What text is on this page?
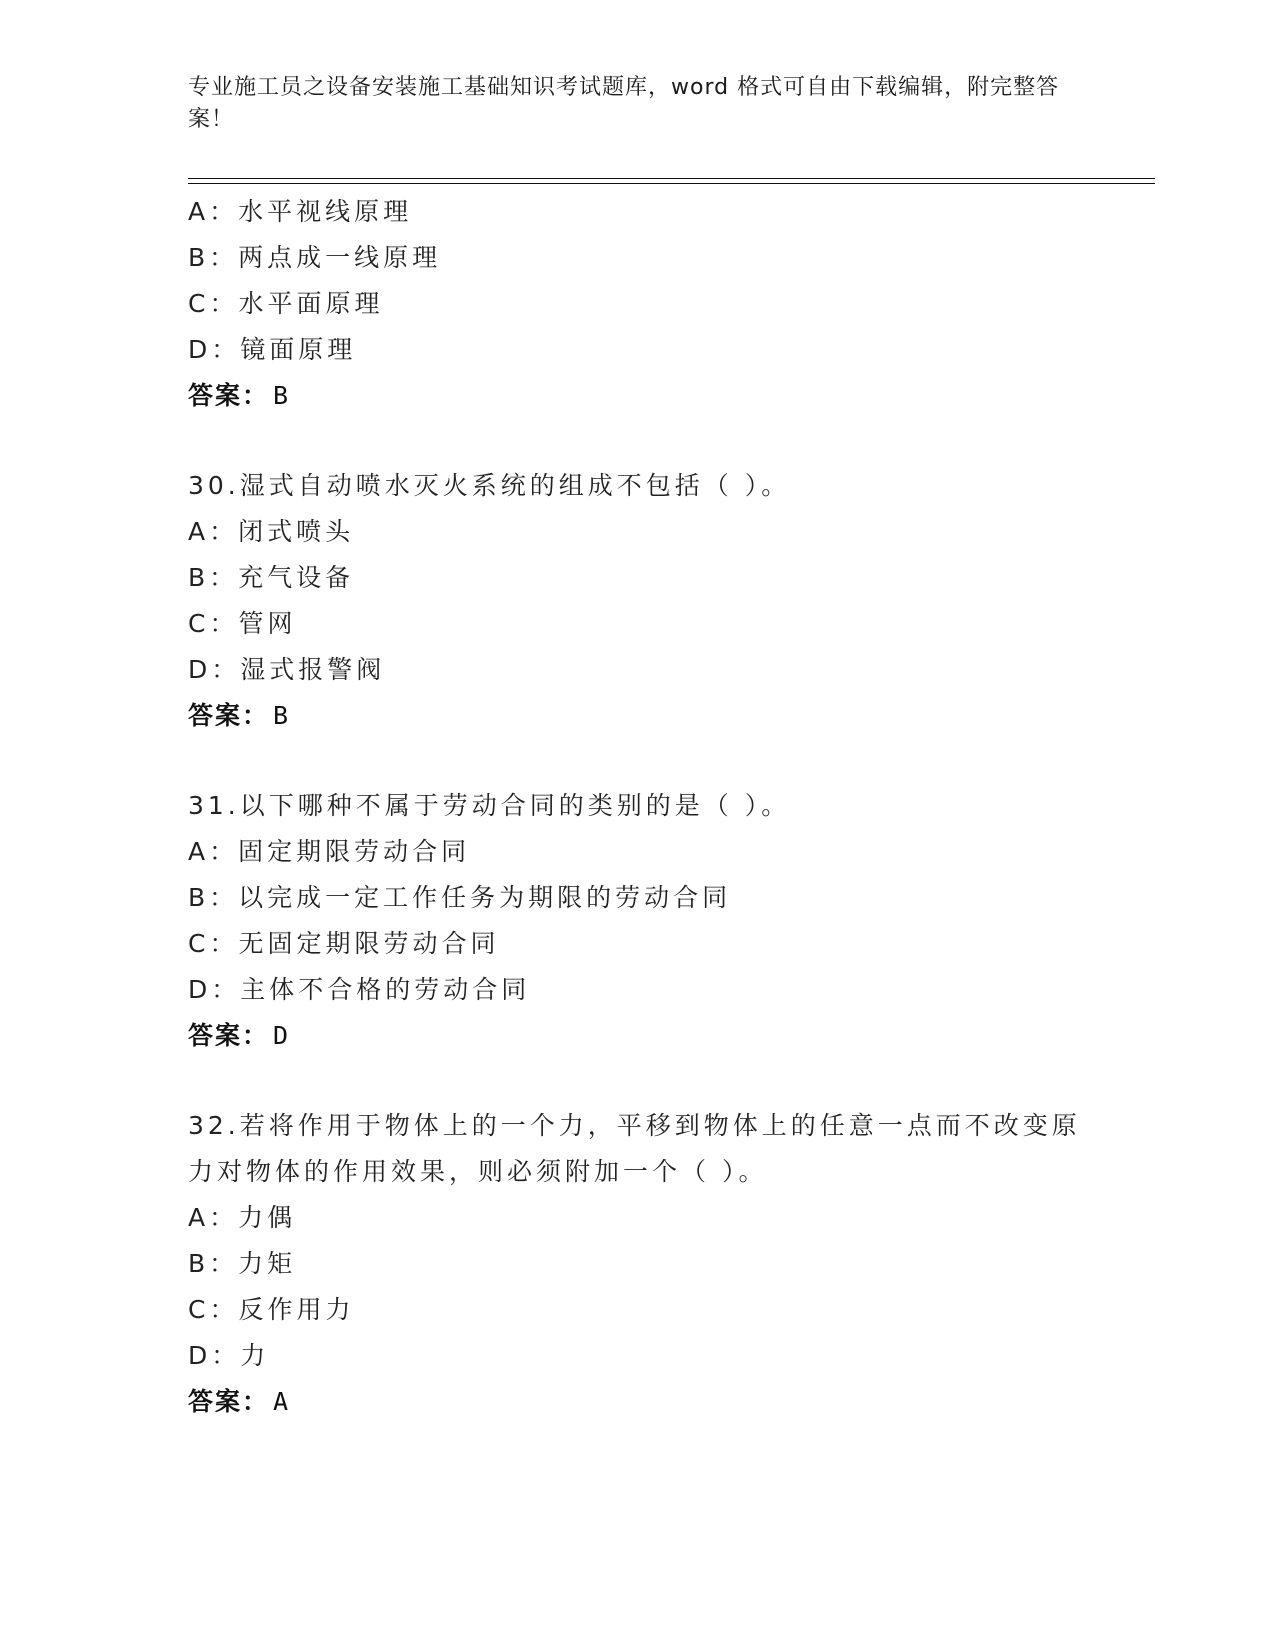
专业施工员之设备安装施工基础知识考试题库，word 格式可自由下载编辑，附完整答案！
A：水平视线原理
B：两点成一线原理
C：水平面原理
D：镜面原理
答案： B
30.湿式自动喷水灭火系统的组成不包括（ ）。
A：闭式喷头
B：充气设备
C：管网
D：湿式报警阀
答案： B
31.以下哪种不属于劳动合同的类别的是（ ）。
A：固定期限劳动合同
B：以完成一定工作任务为期限的劳动合同
C：无固定期限劳动合同
D：主体不合格的劳动合同
答案： D
32.若将作用于物体上的一个力，平移到物体上的任意一点而不改变原力对物体的作用效果，则必须附加一个（ ）。
A：力偶
B：力矩
C：反作用力
D：力
答案： A
